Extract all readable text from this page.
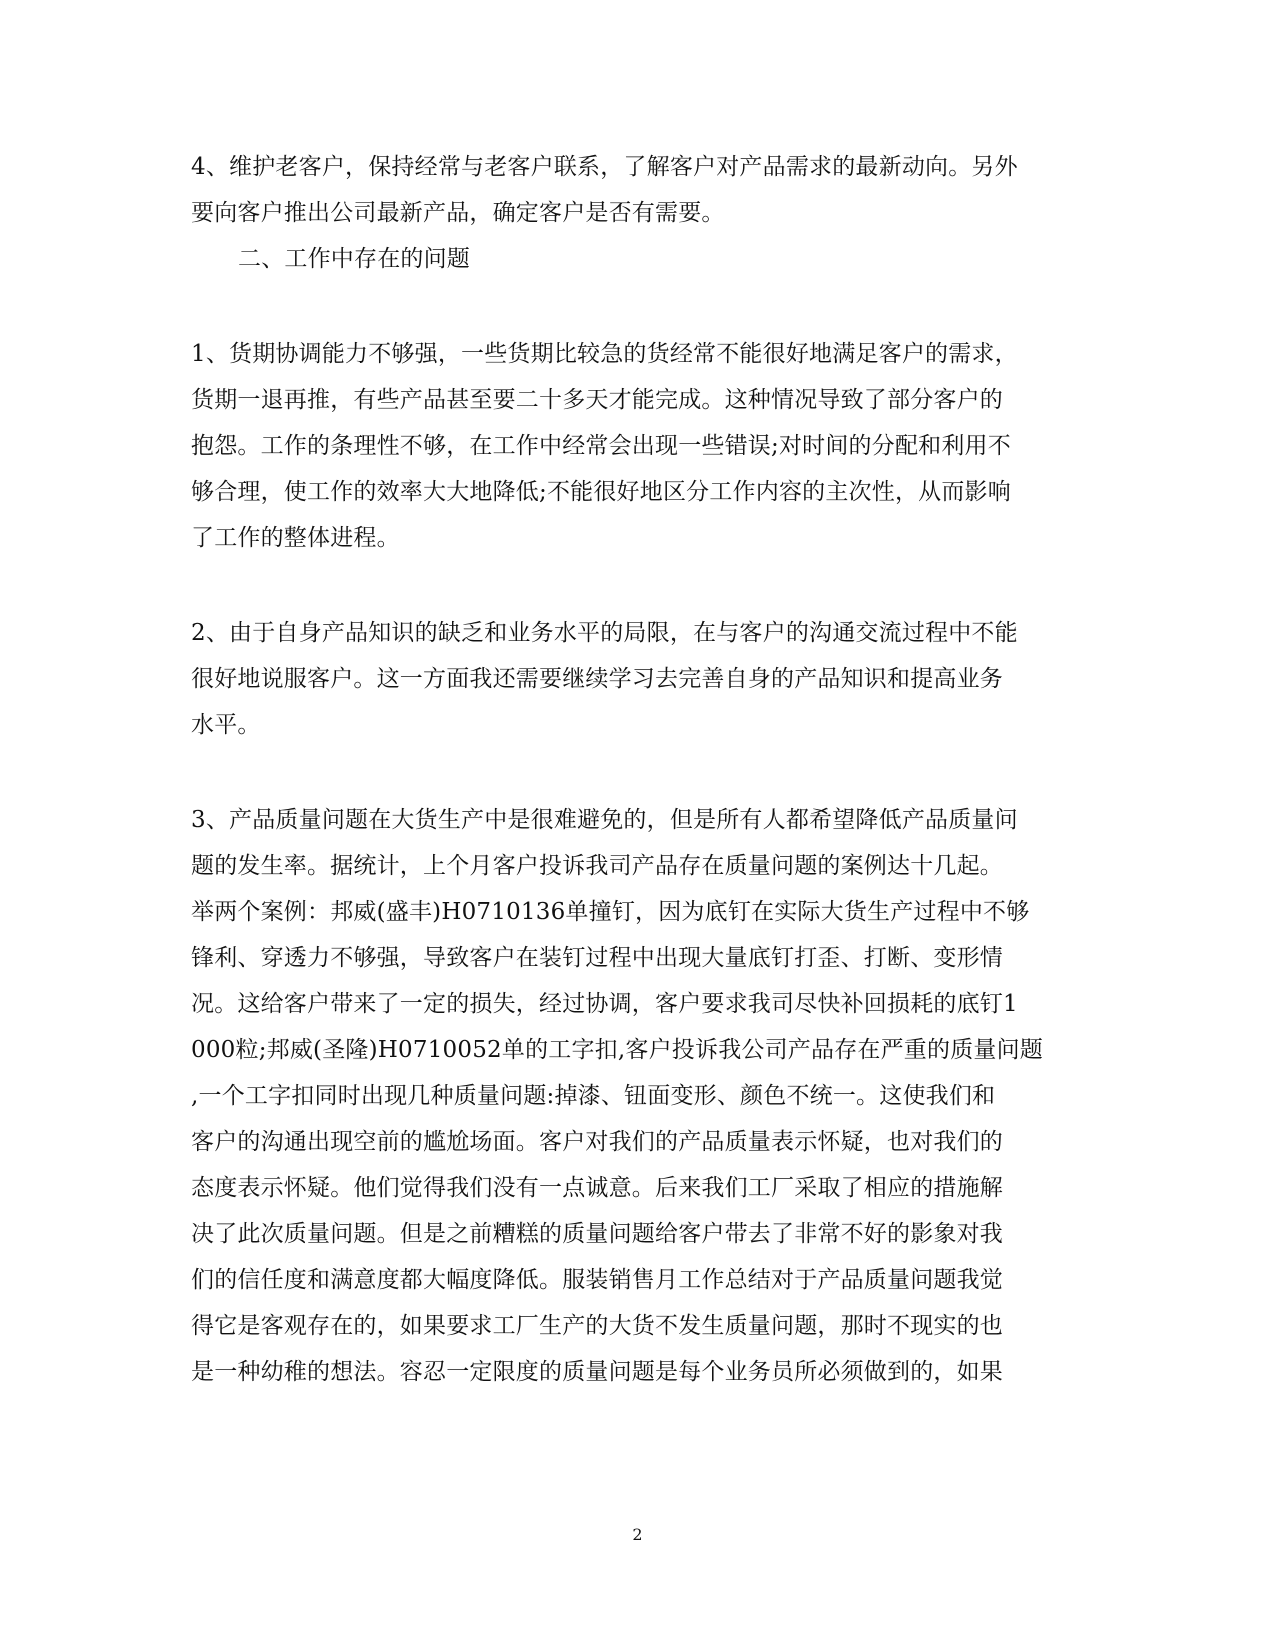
4、维护老客户，保持经常与老客户联系，了解客户对产品需求的最新动向。另外
要向客户推出公司最新产品，确定客户是否有需要。
二、工作中存在的问题
1、货期协调能力不够强，一些货期比较急的货经常不能很好地满足客户的需求，
货期一退再推，有些产品甚至要二十多天才能完成。这种情况导致了部分客户的
抱怨。工作的条理性不够，在工作中经常会出现一些错误;对时间的分配和利用不
够合理，使工作的效率大大地降低;不能很好地区分工作内容的主次性，从而影响
了工作的整体进程。
2、由于自身产品知识的缺乏和业务水平的局限，在与客户的沟通交流过程中不能
很好地说服客户。这一方面我还需要继续学习去完善自身的产品知识和提高业务
水平。
3、产品质量问题在大货生产中是很难避免的，但是所有人都希望降低产品质量问
题的发生率。据统计，上个月客户投诉我司产品存在质量问题的案例达十几起。
举两个案例：邦威(盛丰)H0710136单撞钉，因为底钉在实际大货生产过程中不够
锋利、穿透力不够强，导致客户在装钉过程中出现大量底钉打歪、打断、变形情
况。这给客户带来了一定的损失，经过协调，客户要求我司尽快补回损耗的底钉1
000粒;邦威(圣隆)H0710052单的工字扣,客户投诉我公司产品存在严重的质量问题
,一个工字扣同时出现几种质量问题:掉漆、钮面变形、颜色不统一。这使我们和
客户的沟通出现空前的尴尬场面。客户对我们的产品质量表示怀疑，也对我们的
态度表示怀疑。他们觉得我们没有一点诚意。后来我们工厂采取了相应的措施解
决了此次质量问题。但是之前糟糕的质量问题给客户带去了非常不好的影象对我
们的信任度和满意度都大幅度降低。服装销售月工作总结对于产品质量问题我觉
得它是客观存在的，如果要求工厂生产的大货不发生质量问题，那时不现实的也
是一种幼稚的想法。容忍一定限度的质量问题是每个业务员所必须做到的，如果
2
